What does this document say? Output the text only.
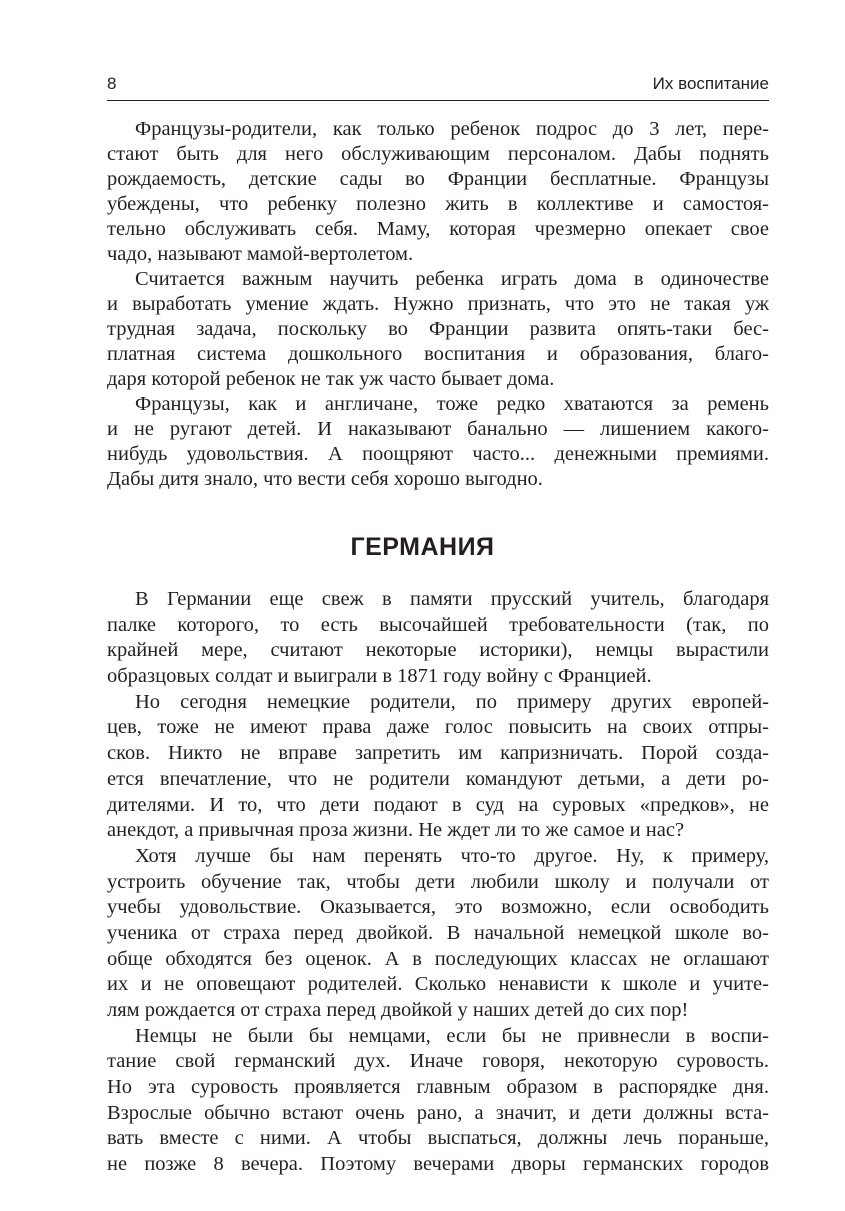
8	Их воспитание
Французы-родители, как только ребенок подрос до 3 лет, пере-
стают быть для него обслуживающим персоналом. Дабы поднять
рождаемость, детские сады во Франции бесплатные. Французы
убеждены, что ребенку полезно жить в коллективе и самостоя-
тельно обслуживать себя. Маму, которая чрезмерно опекает свое
чадо, называют мамой-вертолетом.
Считается важным научить ребенка играть дома в одиночестве
и выработать умение ждать. Нужно признать, что это не такая уж
трудная задача, поскольку во Франции развита опять-таки бес-
платная система дошкольного воспитания и образования, благо-
даря которой ребенок не так уж часто бывает дома.
Французы, как и англичане, тоже редко хватаются за ремень
и не ругают детей. И наказывают банально — лишением какого-
нибудь удовольствия. А поощряют часто... денежными премиями.
Дабы дитя знало, что вести себя хорошо выгодно.
ГЕРМАНИЯ
В Германии еще свеж в памяти прусский учитель, благодаря
палке которого, то есть высочайшей требовательности (так, по
крайней мере, считают некоторые историки), немцы вырастили
образцовых солдат и выиграли в 1871 году войну с Францией.
Но сегодня немецкие родители, по примеру других европей-
цев, тоже не имеют права даже голос повысить на своих отпры-
сков. Никто не вправе запретить им капризничать. Порой созда-
ется впечатление, что не родители командуют детьми, а дети ро-
дителями. И то, что дети подают в суд на суровых «предков», не
анекдот, а привычная проза жизни. Не ждет ли то же самое и нас?
Хотя лучше бы нам перенять что-то другое. Ну, к примеру,
устроить обучение так, чтобы дети любили школу и получали от
учебы удовольствие. Оказывается, это возможно, если освободить
ученика от страха перед двойкой. В начальной немецкой школе во-
обще обходятся без оценок. А в последующих классах не оглашают
их и не оповещают родителей. Сколько ненависти к школе и учите-
лям рождается от страха перед двойкой у наших детей до сих пор!
Немцы не были бы немцами, если бы не привнесли в воспи-
тание свой германский дух. Иначе говоря, некоторую суровость.
Но эта суровость проявляется главным образом в распорядке дня.
Взрослые обычно встают очень рано, а значит, и дети должны вста-
вать вместе с ними. А чтобы выспаться, должны лечь пораньше,
не позже 8 вечера. Поэтому вечерами дворы германских городов
